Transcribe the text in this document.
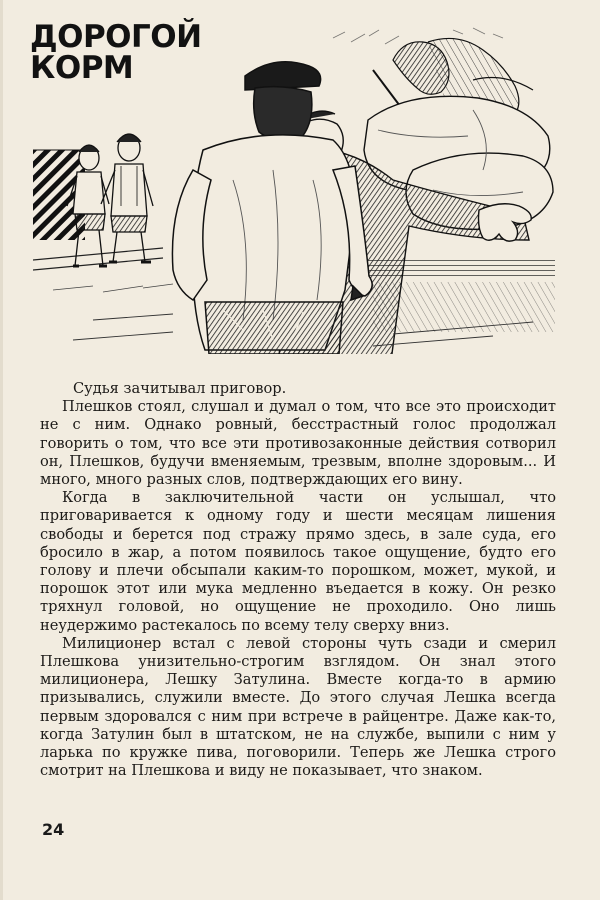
ДОРОГОЙ
КОРМ

Судья зачитывал приговор.

Плешков стоял, слушал и думал о том, что все это происходит не с ним. Однако ровный, бесстрастный голос продолжал говорить о том, что все эти противозаконные действия сотворил он, Плешков, будучи вменяемым, трезвым, вполне здоровым... И много, много разных слов, подтверждающих его вину.

Когда в заключительной части он услышал, что приговаривается к одному году и шести месяцам лишения свободы и берется под стражу прямо здесь, в зале суда, его бросило в жар, а потом появилось такое ощущение, будто его голову и плечи обсыпали каким-то порошком, может, мукой, и порошок этот или мука медленно въедается в кожу. Он резко тряхнул головой, но ощущение не проходило. Оно лишь неудержимо растекалось по всему телу сверху вниз.

Милиционер встал с левой стороны чуть сзади и смерил Плешкова унизительно-строгим взглядом. Он знал этого милиционера, Лешку Затулина. Вместе когда-то в армию призывались, служили вместе. До этого случая Лешка всегда первым здоровался с ним при встрече в райцентре. Даже как-то, когда Затулин был в штатском, не на службе, выпили с ним у ларька по кружке пива, поговорили. Теперь же Лешка строго смотрит на Плешкова и виду не показывает, что знаком.

24
